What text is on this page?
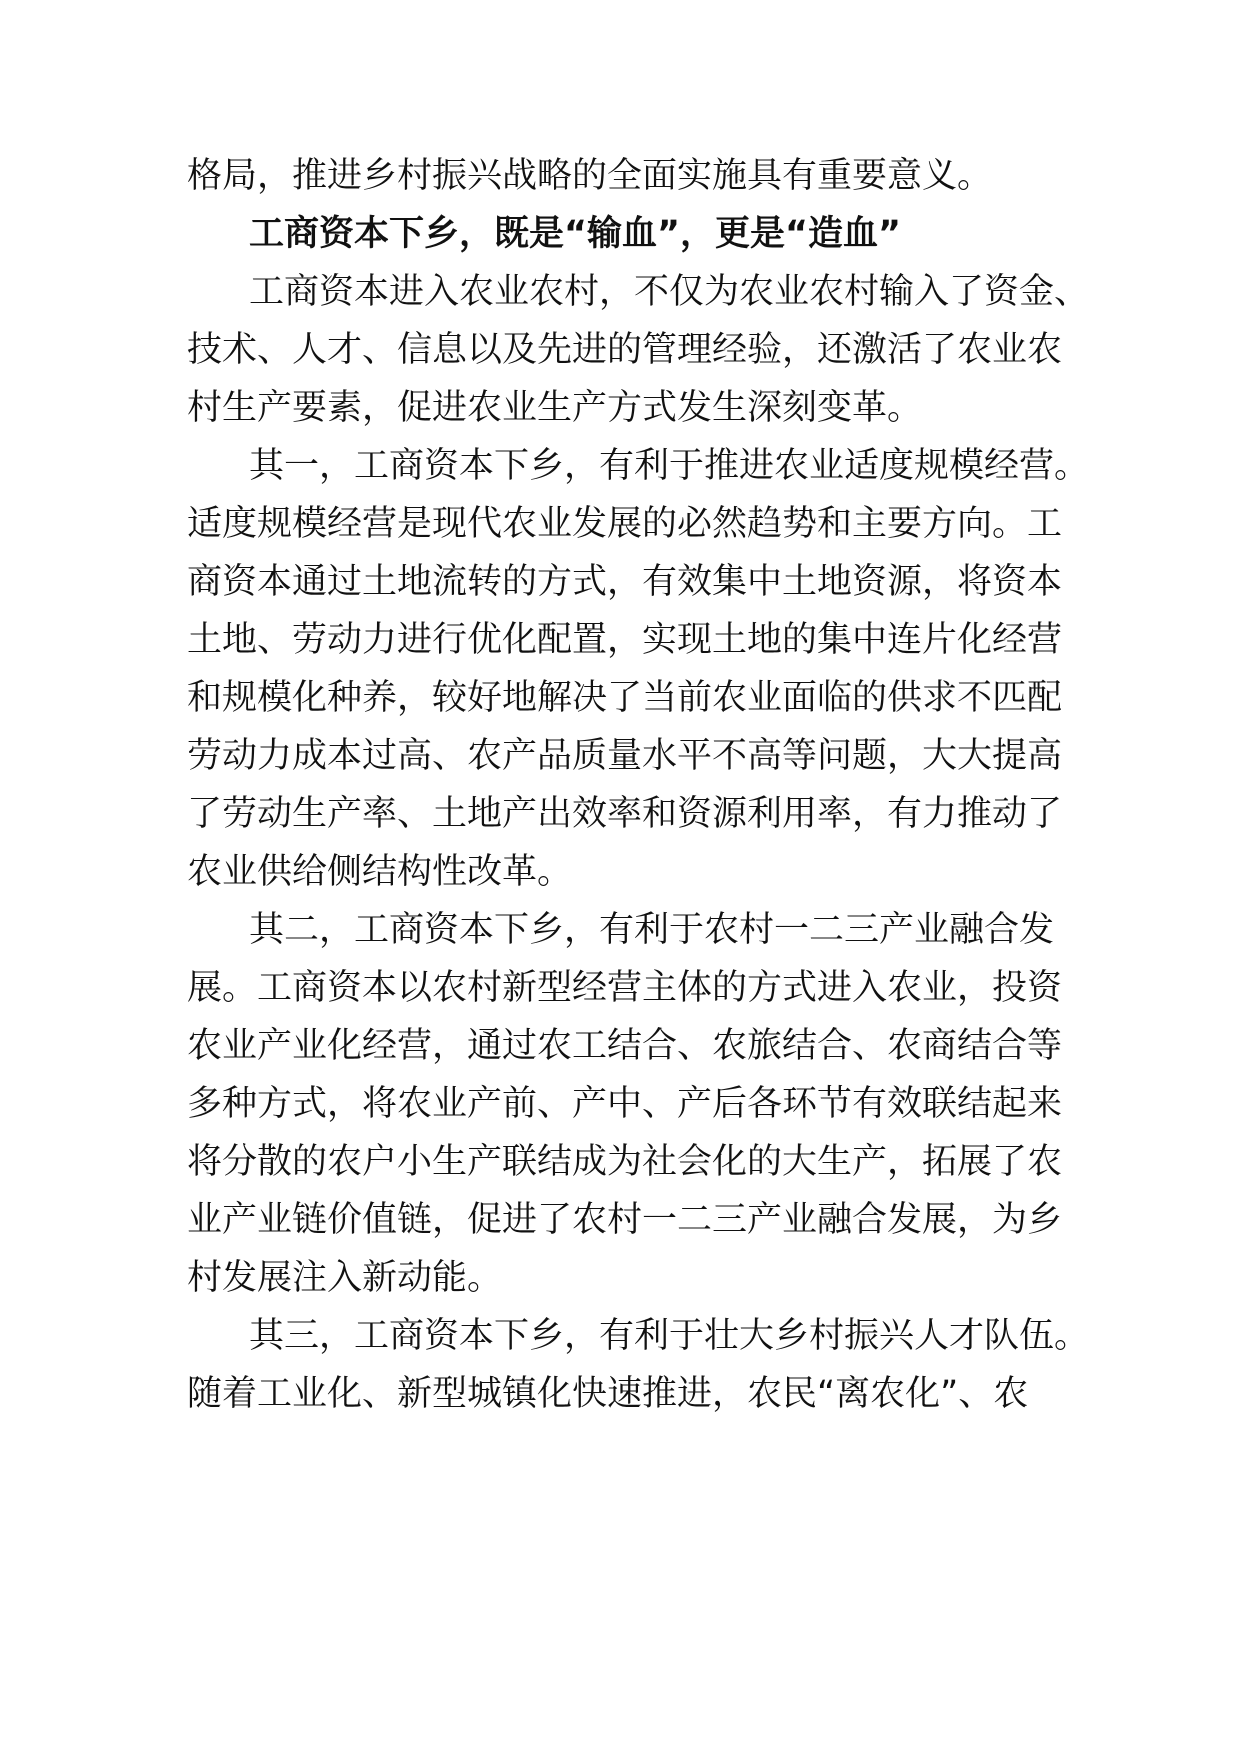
格局，推进乡村振兴战略的全面实施具有重要意义。

工商资本下乡，既是“输血”，更是“造血”

工商资本进入农业农村，不仅为农业农村输入了资金、

技术、人才、信息以及先进的管理经验，还激活了农业农

村生产要素，促进农业生产方式发生深刻变革。

其一，工商资本下乡，有利于推进农业适度规模经营。

适度规模经营是现代农业发展的必然趋势和主要方向。工

商资本通过土地流转的方式，有效集中土地资源，将资本

土地、劳动力进行优化配置，实现土地的集中连片化经营

和规模化种养，较好地解决了当前农业面临的供求不匹配

劳动力成本过高、农产品质量水平不高等问题，大大提高

了劳动生产率、土地产出效率和资源利用率，有力推动了

农业供给侧结构性改革。

其二，工商资本下乡，有利于农村一二三产业融合发

展。工商资本以农村新型经营主体的方式进入农业，投资

农业产业化经营，通过农工结合、农旅结合、农商结合等

多种方式，将农业产前、产中、产后各环节有效联结起来

将分散的农户小生产联结成为社会化的大生产，拓展了农

业产业链价值链，促进了农村一二三产业融合发展，为乡

村发展注入新动能。

其三，工商资本下乡，有利于壮大乡村振兴人才队伍。

随着工业化、新型城镇化快速推进，农民“离农化”、农
